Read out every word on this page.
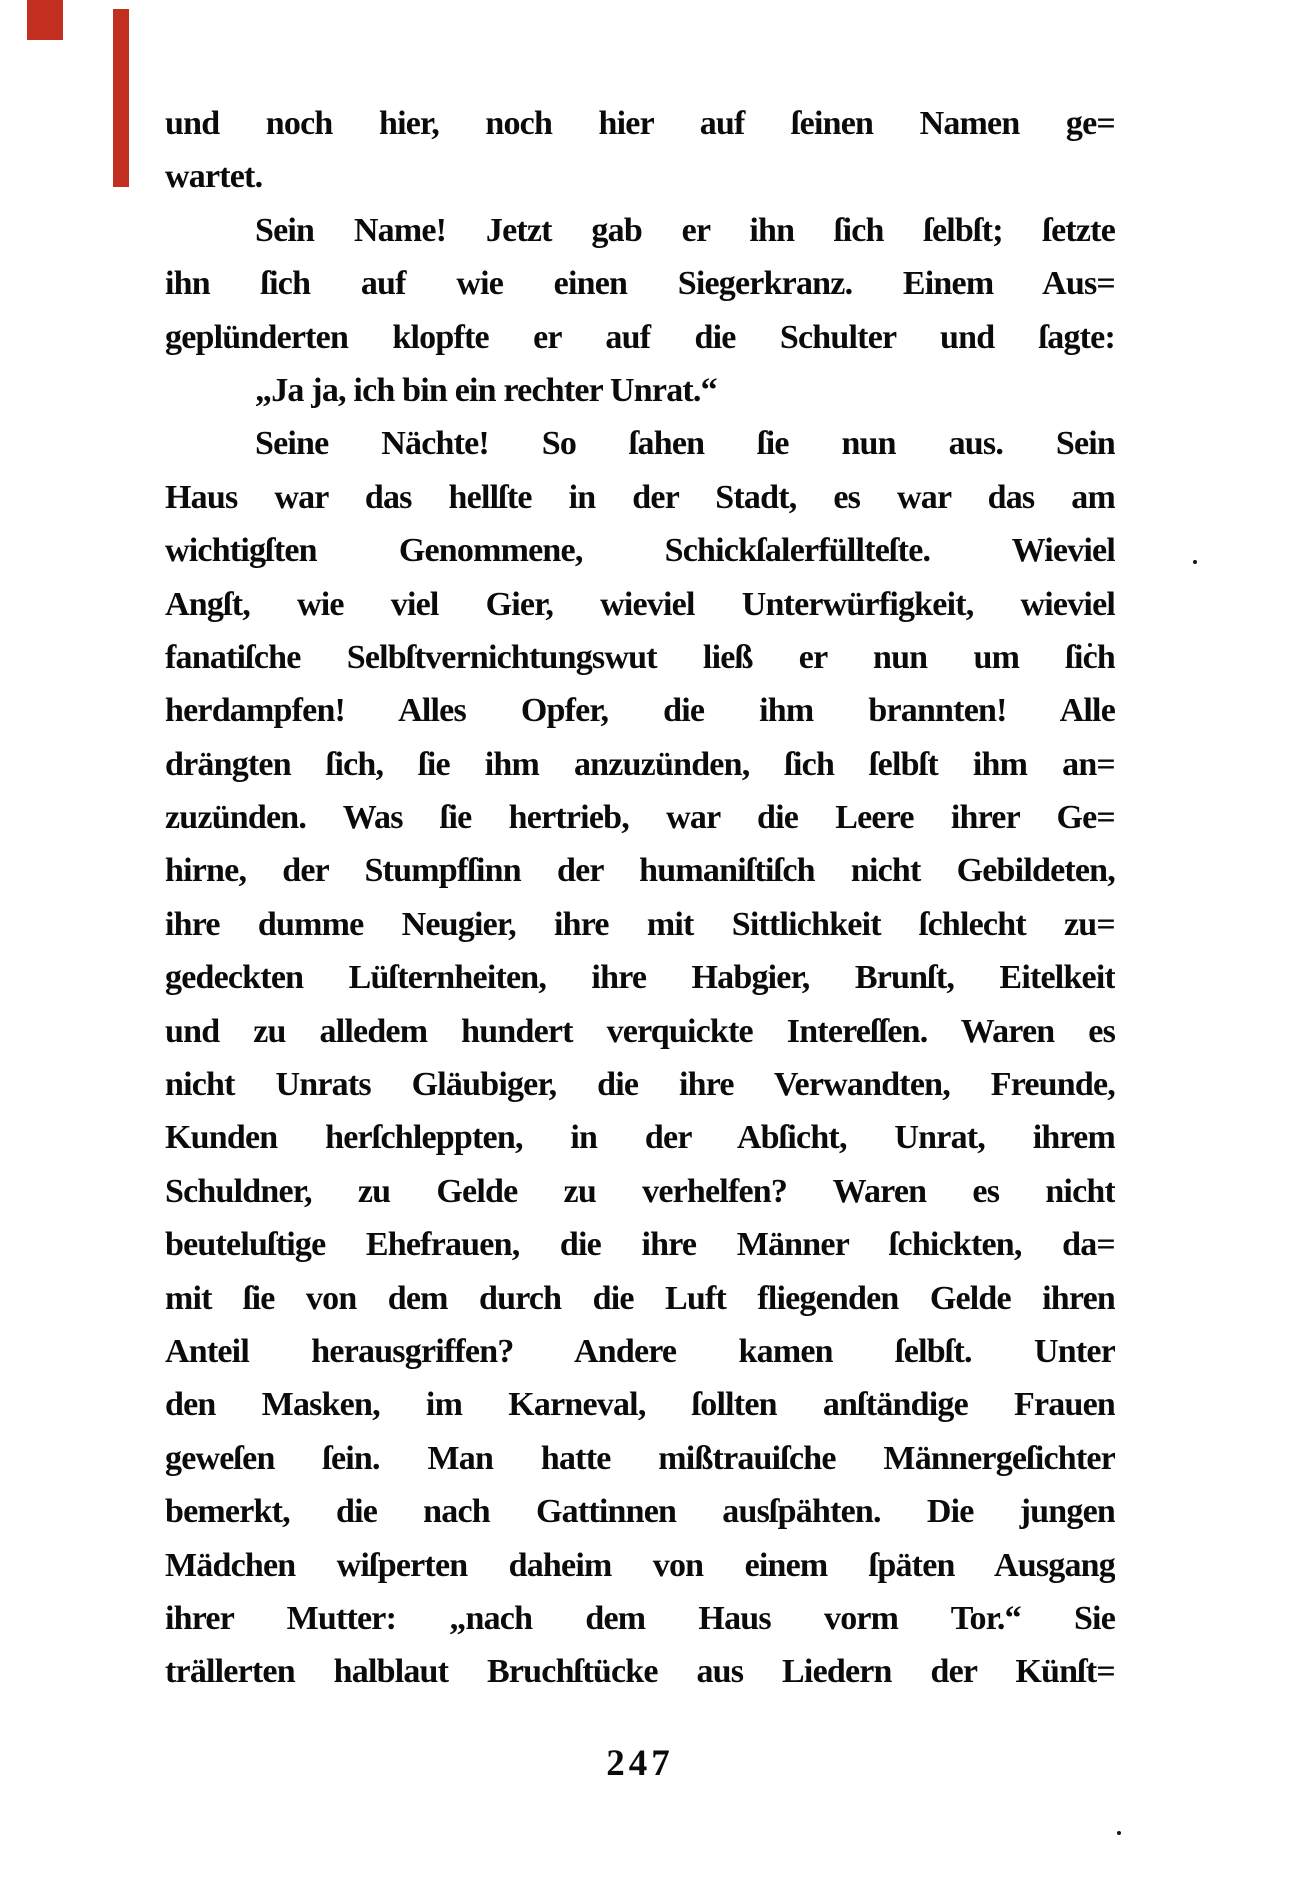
und noch hier, noch hier auf ſeinen Namen ge=
wartet.
Sein Name! Jetzt gab er ihn ſich ſelbſt; ſetzte
ihn ſich auf wie einen Siegerkranz. Einem Aus=
geplünderten klopfte er auf die Schulter und ſagte:
„Ja ja, ich bin ein rechter Unrat.“
Seine Nächte! So ſahen ſie nun aus. Sein
Haus war das hellſte in der Stadt, es war das am
wichtigſten Genommene, Schickſalerfüllteſte. Wieviel
Angſt, wie viel Gier, wieviel Unterwürfigkeit, wieviel
fanatiſche Selbſtvernichtungswut ließ er nun um ſich
herdampfen! Alles Opfer, die ihm brannten! Alle
drängten ſich, ſie ihm anzuzünden, ſich ſelbſt ihm an=
zuzünden. Was ſie hertrieb, war die Leere ihrer Ge=
hirne, der Stumpfſinn der humaniſtiſch nicht Gebildeten,
ihre dumme Neugier, ihre mit Sittlichkeit ſchlecht zu=
gedeckten Lüſternheiten, ihre Habgier, Brunſt, Eitelkeit
und zu alledem hundert verquickte Intereſſen. Waren es
nicht Unrats Gläubiger, die ihre Verwandten, Freunde,
Kunden herſchleppten, in der Abſicht, Unrat, ihrem
Schuldner, zu Gelde zu verhelfen? Waren es nicht
beuteluſtige Ehefrauen, die ihre Männer ſchickten, da=
mit ſie von dem durch die Luft fliegenden Gelde ihren
Anteil herausgriffen? Andere kamen ſelbſt. Unter
den Masken, im Karneval, ſollten anſtändige Frauen
geweſen ſein. Man hatte mißtrauiſche Männergeſichter
bemerkt, die nach Gattinnen ausſpähten. Die jungen
Mädchen wiſperten daheim von einem ſpäten Ausgang
ihrer Mutter: „nach dem Haus vorm Tor.“ Sie
trällerten halblaut Bruchſtücke aus Liedern der Künſt=
247
